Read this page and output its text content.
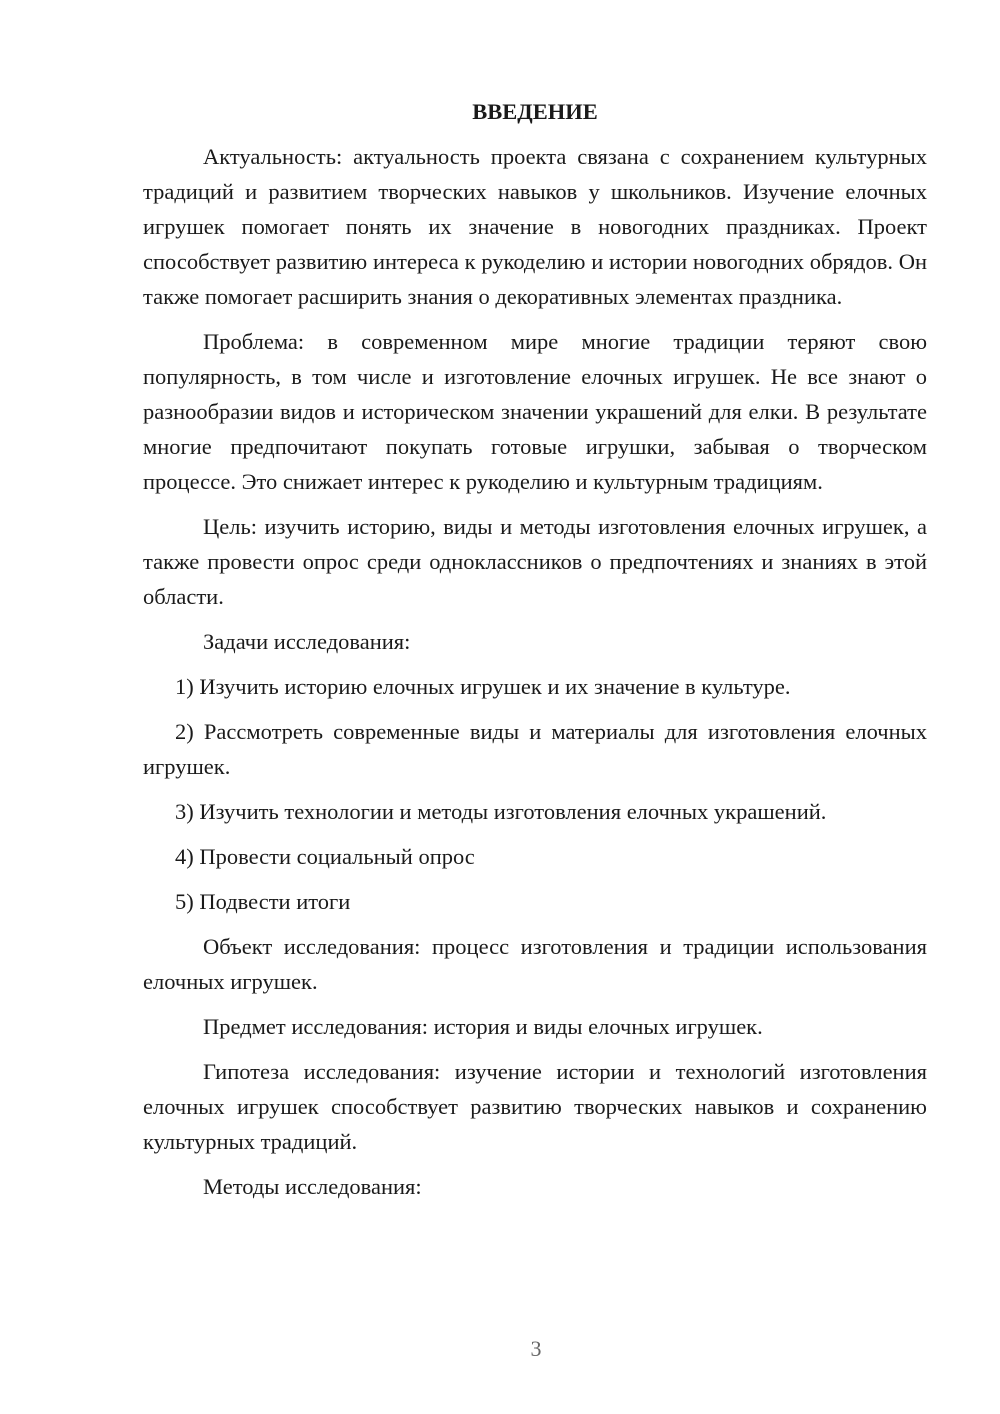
ВВЕДЕНИЕ

Актуальность: актуальность проекта связана с сохранением культурных традиций и развитием творческих навыков у школьников. Изучение елочных игрушек помогает понять их значение в новогодних праздниках. Проект способствует развитию интереса к рукоделию и истории новогодних обрядов. Он также помогает расширить знания о декоративных элементах праздника.

Проблема: в современном мире многие традиции теряют свою популярность, в том числе и изготовление елочных игрушек. Не все знают о разнообразии видов и историческом значении украшений для елки. В результате многие предпочитают покупать готовые игрушки, забывая о творческом процессе. Это снижает интерес к рукоделию и культурным традициям.

Цель: изучить историю, виды и методы изготовления елочных игрушек, а также провести опрос среди одноклассников о предпочтениях и знаниях в этой области.

Задачи исследования:

1) Изучить историю елочных игрушек и их значение в культуре.

2) Рассмотреть современные виды и материалы для изготовления елочных игрушек.

3) Изучить технологии и методы изготовления елочных украшений.

4) Провести социальный опрос

5) Подвести итоги

Объект исследования: процесс изготовления и традиции использования елочных игрушек.

Предмет исследования: история и виды елочных игрушек.

Гипотеза исследования: изучение истории и технологий изготовления елочных игрушек способствует развитию творческих навыков и сохранению культурных традиций.

Методы исследования:

3
